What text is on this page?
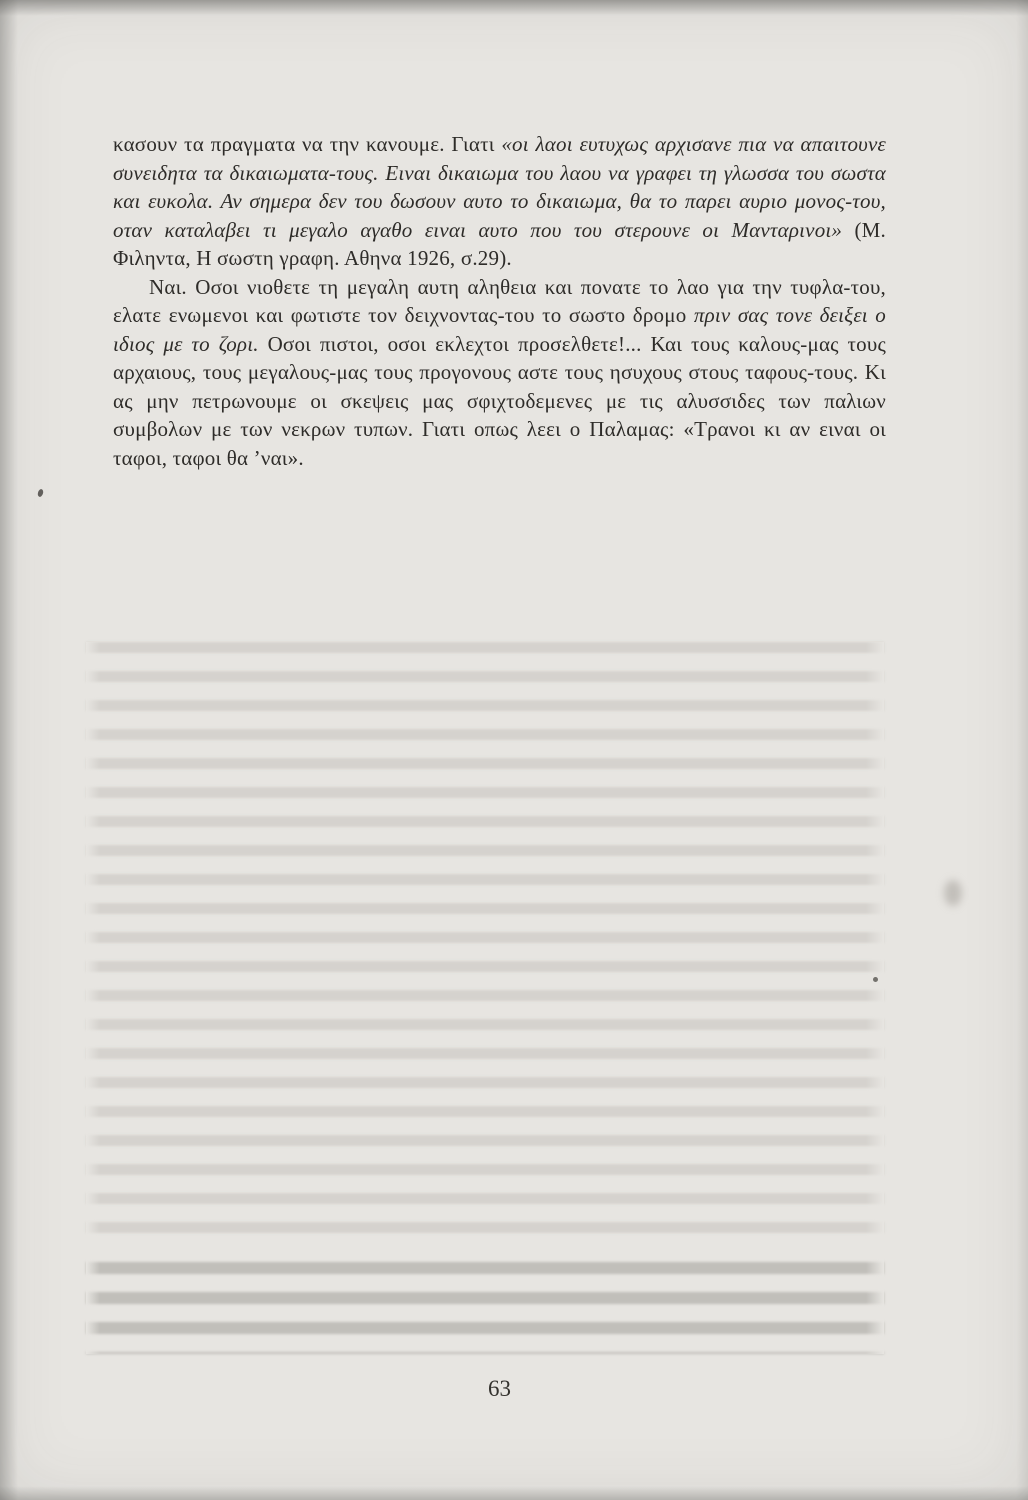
κασουν τα πραγματα να την κανουμε. Γιατι «οι λαοι ευτυχως αρχισανε πια να απαιτουνε συνειδητα τα δικαιωματα-τους. Ειναι δικαιωμα του λαου να γραφει τη γλωσσα του σωστα και ευκολα. Αν σημερα δεν του δωσουν αυτο το δικαιωμα, θα το παρει αυριο μονος-του, οταν καταλαβει τι μεγαλο αγαθο ειναι αυτο που του στερουνε οι Μανταρινοι» (Μ. Φιληντα, Η σωστη γραφη. Αθηνα 1926, σ.29).

Ναι. Οσοι νιοθετε τη μεγαλη αυτη αληθεια και πονατε το λαο για την τυφλα-του, ελατε ενωμενοι και φωτιστε τον δειχνοντας-του το σωστο δρομο πριν σας τονε δειξει ο ιδιος με το ζορι. Οσοι πιστοι, οσοι εκλεχτοι προσελθετε!... Και τους καλους-μας τους αρχαιους, τους μεγαλους-μας τους προγονους αστε τους ησυχους στους ταφους-τους. Κι ας μην πετρωνουμε οι σκεψεις μας σφιχτοδεμενες με τις αλυσσιδες των παλιων συμβολων με των νεκρων τυπων. Γιατι οπως λεει ο Παλαμας: «Τρανοι κι αν ειναι οι ταφοι, ταφοι θα ’ναι».

63
